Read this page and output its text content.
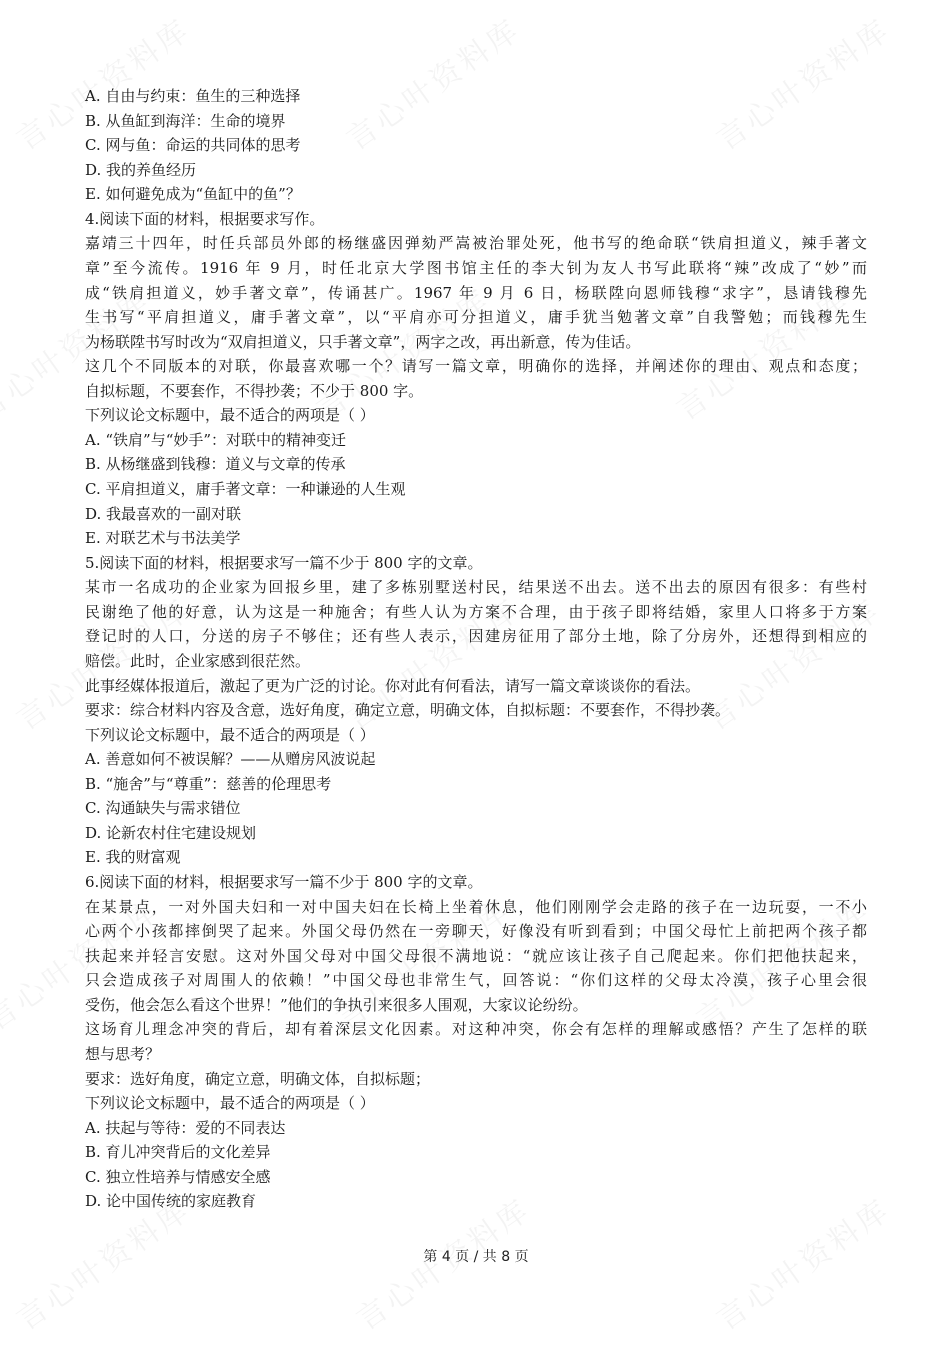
A. 自由与约束：鱼生的三种选择
B. 从鱼缸到海洋：生命的境界
C. 网与鱼：命运的共同体的思考
D. 我的养鱼经历
E. 如何避免成为“鱼缸中的鱼”？
4.阅读下面的材料，根据要求写作。
嘉靖三十四年，时任兵部员外郎的杨继盛因弹劾严嵩被治罪处死，他书写的绝命联“铁肩担道义，辣手著文
章”至今流传。1916 年 9 月，时任北京大学图书馆主任的李大钊为友人书写此联将“辣”改成了“妙”而
成“铁肩担道义，妙手著文章”，传诵甚广。1967 年 9 月 6 日，杨联陞向恩师钱穆“求字”，恳请钱穆先
生书写“平肩担道义，庸手著文章”，以“平肩亦可分担道义，庸手犹当勉著文章”自我警勉；而钱穆先生
为杨联陞书写时改为“双肩担道义，只手著文章”，两字之改，再出新意，传为佳话。
这几个不同版本的对联，你最喜欢哪一个？请写一篇文章，明确你的选择，并阐述你的理由、观点和态度；
自拟标题，不要套作，不得抄袭；不少于 800 字。
下列议论文标题中，最不适合的两项是（ ）
A. “铁肩”与“妙手”：对联中的精神变迁
B. 从杨继盛到钱穆：道义与文章的传承
C. 平肩担道义，庸手著文章：一种谦逊的人生观
D. 我最喜欢的一副对联
E. 对联艺术与书法美学
5.阅读下面的材料，根据要求写一篇不少于 800 字的文章。
某市一名成功的企业家为回报乡里，建了多栋别墅送村民，结果送不出去。送不出去的原因有很多：有些村
民谢绝了他的好意，认为这是一种施舍；有些人认为方案不合理，由于孩子即将结婚，家里人口将多于方案
登记时的人口，分送的房子不够住；还有些人表示，因建房征用了部分土地，除了分房外，还想得到相应的
赔偿。此时，企业家感到很茫然。
此事经媒体报道后，激起了更为广泛的讨论。你对此有何看法，请写一篇文章谈谈你的看法。
要求：综合材料内容及含意，选好角度，确定立意，明确文体，自拟标题：不要套作，不得抄袭。
下列议论文标题中，最不适合的两项是（ ）
A. 善意如何不被误解？——从赠房风波说起
B. “施舍”与“尊重”：慈善的伦理思考
C. 沟通缺失与需求错位
D. 论新农村住宅建设规划
E. 我的财富观
6.阅读下面的材料，根据要求写一篇不少于 800 字的文章。
在某景点，一对外国夫妇和一对中国夫妇在长椅上坐着休息，他们刚刚学会走路的孩子在一边玩耍，一不小
心两个小孩都摔倒哭了起来。外国父母仍然在一旁聊天，好像没有听到看到；中国父母忙上前把两个孩子都
扶起来并轻言安慰。这对外国父母对中国父母很不满地说：“就应该让孩子自己爬起来。你们把他扶起来，
只会造成孩子对周围人的依赖！”中国父母也非常生气，回答说：“你们这样的父母太冷漠，孩子心里会很
受伤，他会怎么看这个世界！”他们的争执引来很多人围观，大家议论纷纷。
这场育儿理念冲突的背后，却有着深层文化因素。对这种冲突，你会有怎样的理解或感悟？产生了怎样的联
想与思考？
要求：选好角度，确定立意，明确文体，自拟标题；
下列议论文标题中，最不适合的两项是（ ）
A. 扶起与等待：爱的不同表达
B. 育儿冲突背后的文化差异
C. 独立性培养与情感安全感
D. 论中国传统的家庭教育
第 4 页 / 共 8 页
